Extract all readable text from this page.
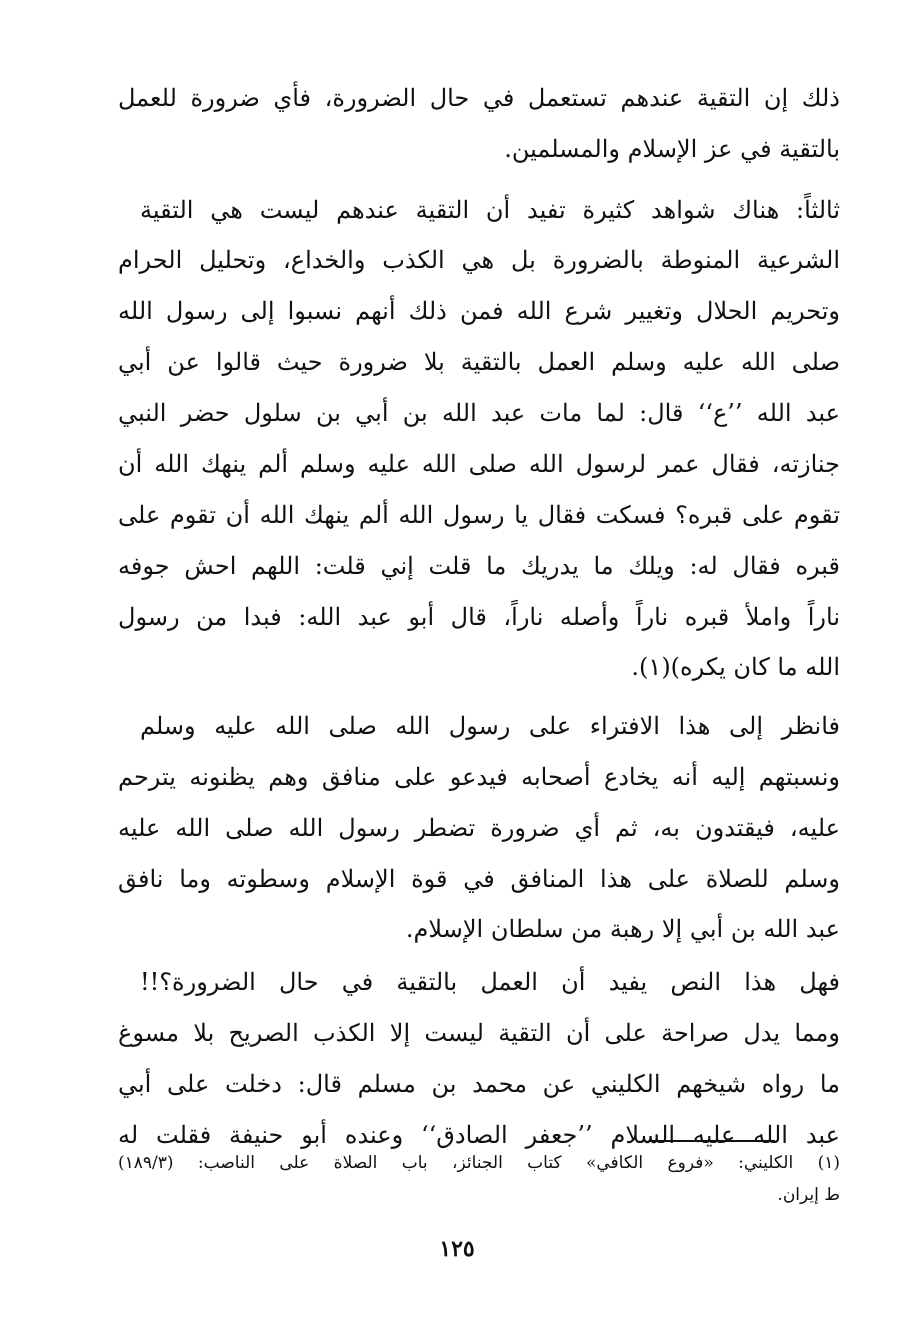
ذلك إن التقية عندهم تستعمل في حال الضرورة، فأي ضرورة للعمل
بالتقية في عز الإسلام والمسلمين.
ثالثاً: هناك شواهد كثيرة تفيد أن التقية عندهم ليست هي التقية
الشرعية المنوطة بالضرورة بل هي الكذب والخداع، وتحليل الحرام
وتحريم الحلال وتغيير شرع الله فمن ذلك أنهم نسبوا إلى رسول الله
صلى الله عليه وسلم العمل بالتقية بلا ضرورة حيث قالوا عن أبي
عبد الله ’’ع‘‘ قال: لما مات عبد الله بن أبي بن سلول حضر النبي
جنازته، فقال عمر لرسول الله صلى الله عليه وسلم ألم ينهك الله أن
تقوم على قبره؟ فسكت فقال يا رسول الله ألم ينهك الله أن تقوم على
قبره فقال له: ويلك ما يدريك ما قلت إني قلت: اللهم احش جوفه
ناراً واملأ قبره ناراً وأصله ناراً، قال أبو عبد الله: فبدا من رسول
الله ما كان يكره)(١).
فانظر إلى هذا الافتراء على رسول الله صلى الله عليه وسلم
ونسبتهم إليه أنه يخادع أصحابه فيدعو على منافق وهم يظنونه يترحم
عليه، فيقتدون به، ثم أي ضرورة تضطر رسول الله صلى الله عليه
وسلم للصلاة على هذا المنافق في قوة الإسلام وسطوته وما نافق
عبد الله بن أبي إلا رهبة من سلطان الإسلام.
فهل هذا النص يفيد أن العمل بالتقية في حال الضرورة؟!!
ومما يدل صراحة على أن التقية ليست إلا الكذب الصريح بلا مسوغ
ما رواه شيخهم الكليني عن محمد بن مسلم قال: دخلت على أبي
عبد الله عليه السلام ’’جعفر الصادق‘‘ وعنده أبو حنيفة فقلت له
(١) الكليني: «فروع الكافي» كتاب الجنائز، باب الصلاة على الناصب: (١٨٩/٣)
ط إيران.
١٢٥
